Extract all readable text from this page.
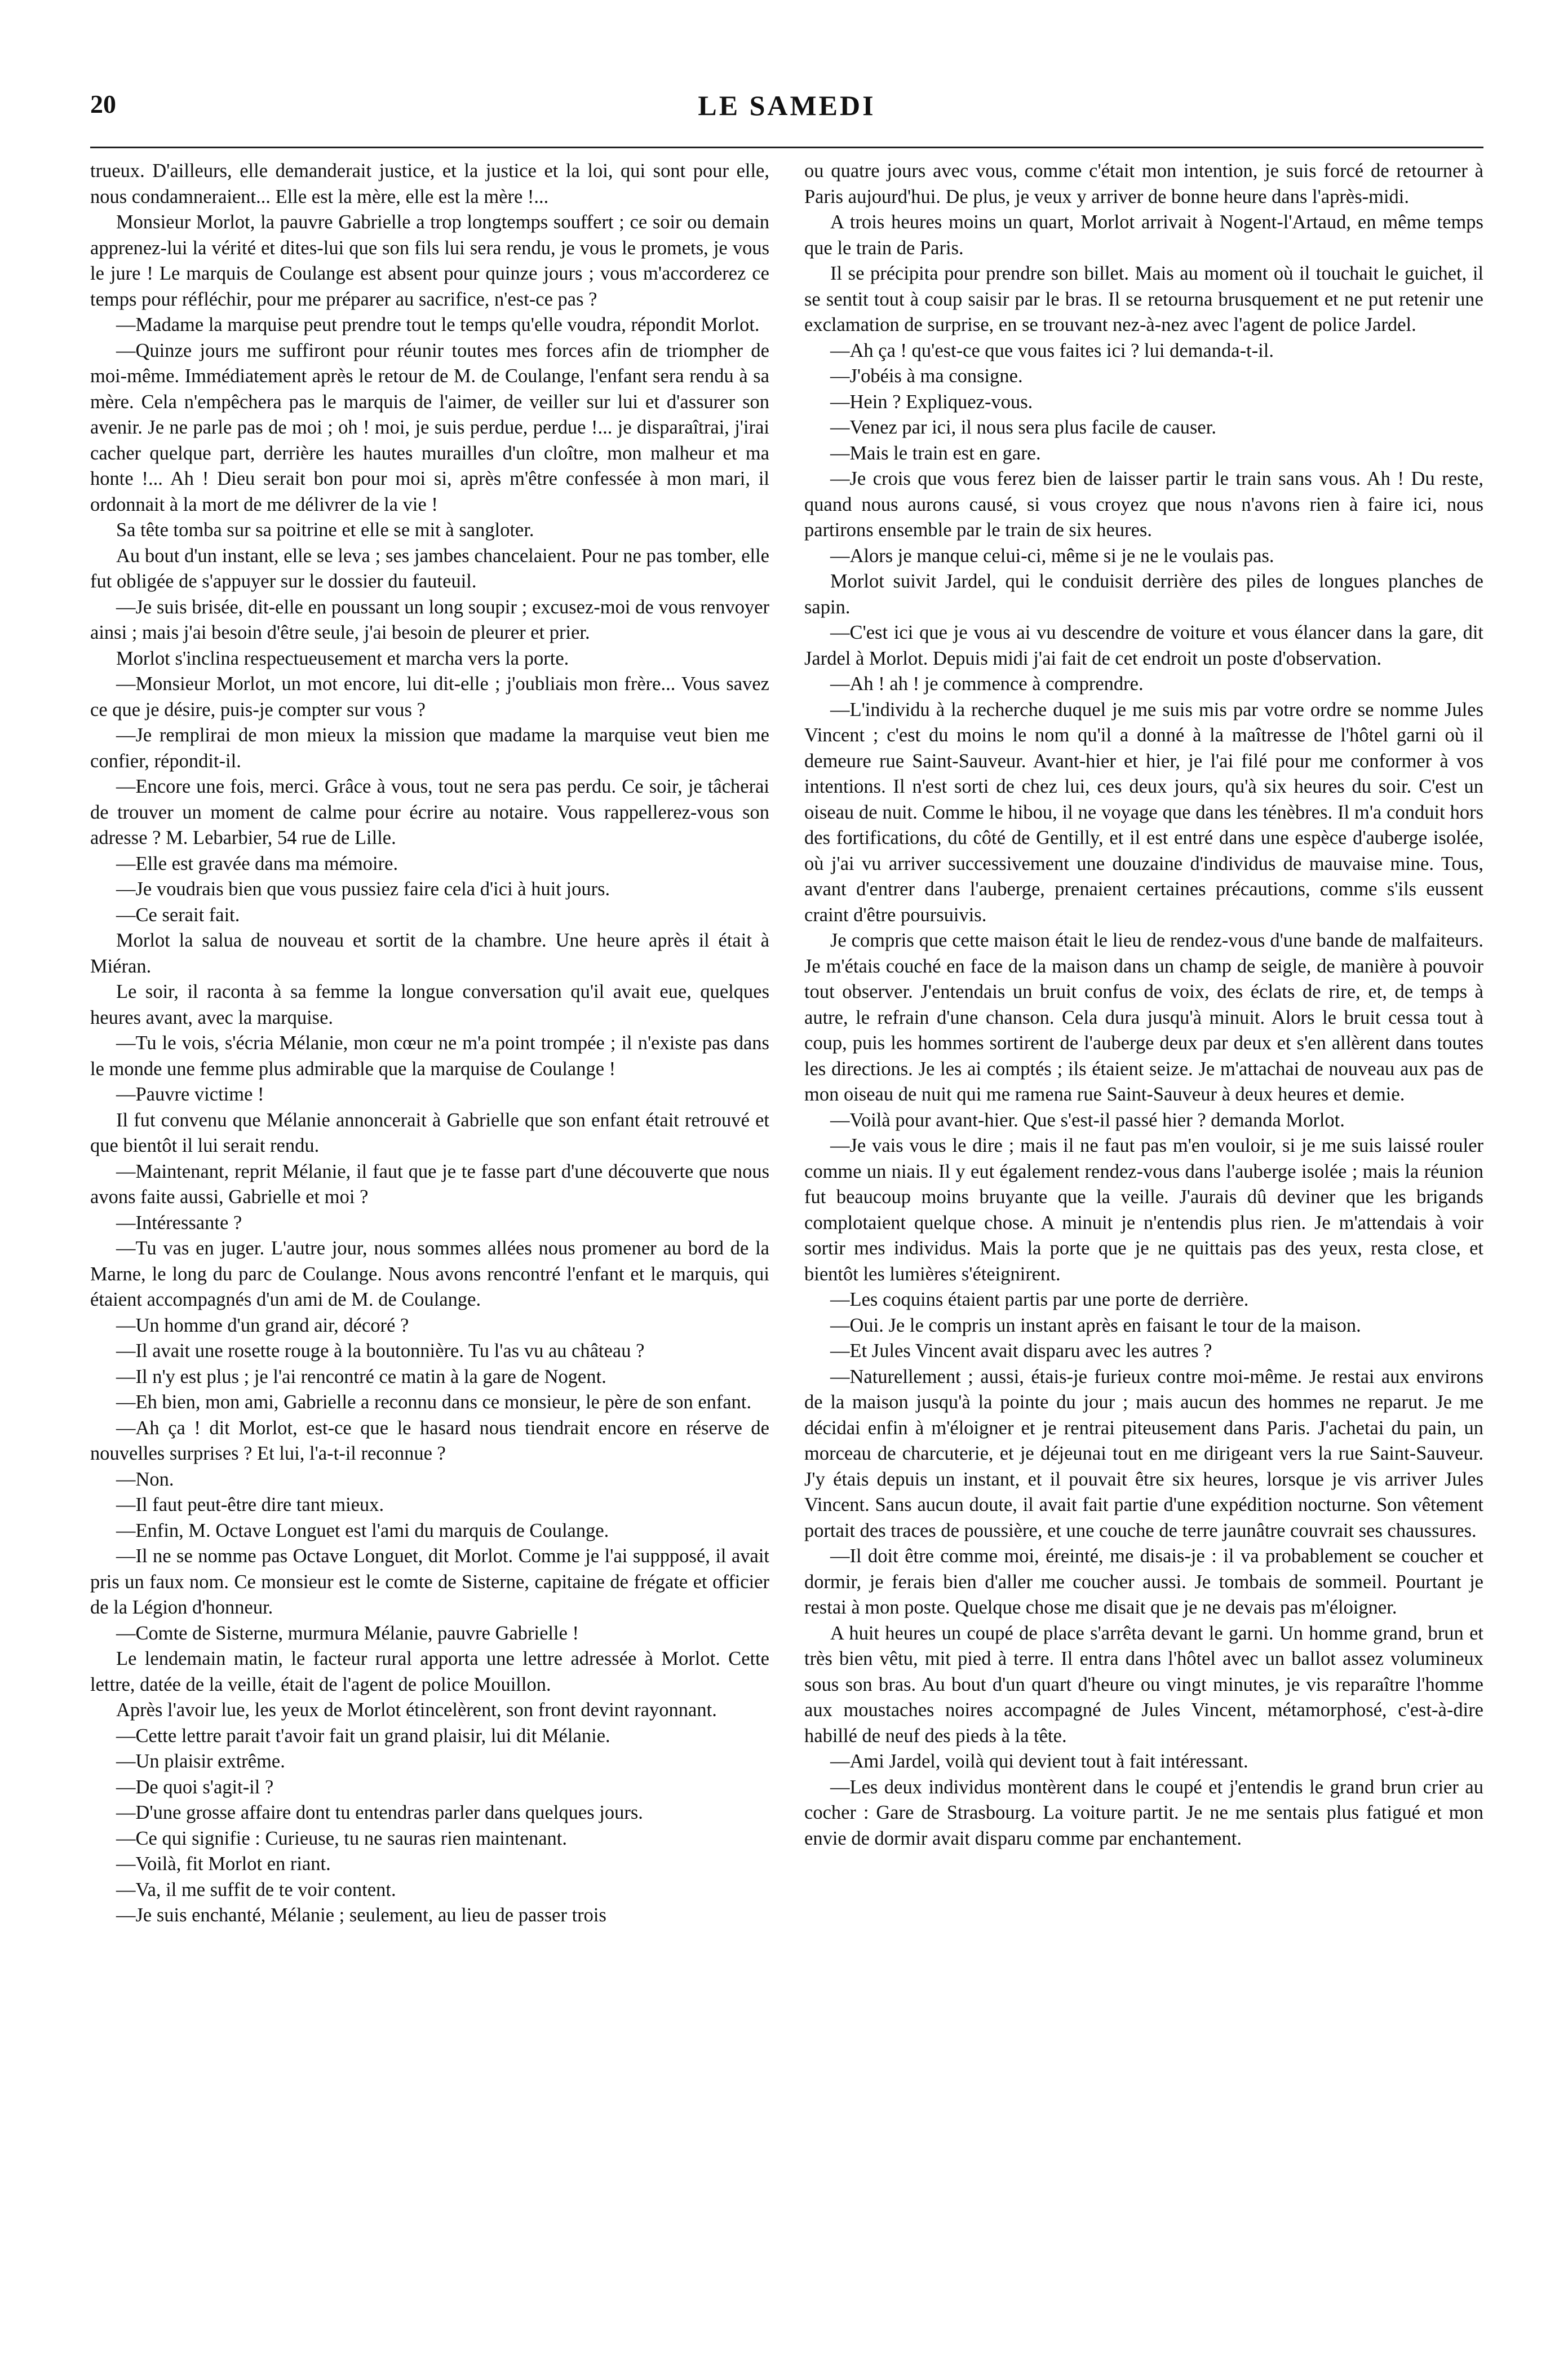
20	LE SAMEDI

trueux. D'ailleurs, elle demanderait justice, et la justice et la loi, qui sont pour elle, nous condamneraient... Elle est la mère, elle est la mère !...

Monsieur Morlot, la pauvre Gabrielle a trop longtemps souffert ; ce soir ou demain apprenez-lui la vérité et dites-lui que son fils lui sera rendu, je vous le promets, je vous le jure ! Le marquis de Coulange est absent pour quinze jours ; vous m'accorderez ce temps pour réfléchir, pour me préparer au sacrifice, n'est-ce pas ?

—Madame la marquise peut prendre tout le temps qu'elle voudra, répondit Morlot.

—Quinze jours me suffiront pour réunir toutes mes forces afin de triompher de moi-même. Immédiatement après le retour de M. de Coulange, l'enfant sera rendu à sa mère. Cela n'empêchera pas le marquis de l'aimer, de veiller sur lui et d'assurer son avenir. Je ne parle pas de moi ; oh ! moi, je suis perdue, perdue !... je disparaîtrai, j'irai cacher quelque part, derrière les hautes murailles d'un cloître, mon malheur et ma honte !... Ah ! Dieu serait bon pour moi si, après m'être confessée à mon mari, il ordonnait à la mort de me délivrer de la vie !

Sa tête tomba sur sa poitrine et elle se mit à sangloter.

Au bout d'un instant, elle se leva ; ses jambes chancelaient. Pour ne pas tomber, elle fut obligée de s'appuyer sur le dossier du fauteuil.

—Je suis brisée, dit-elle en poussant un long soupir ; excusez-moi de vous renvoyer ainsi ; mais j'ai besoin d'être seule, j'ai besoin de pleurer et prier.

Morlot s'inclina respectueusement et marcha vers la porte.

—Monsieur Morlot, un mot encore, lui dit-elle ; j'oubliais mon frère... Vous savez ce que je désire, puis-je compter sur vous ?

—Je remplirai de mon mieux la mission que madame la marquise veut bien me confier, répondit-il.

—Encore une fois, merci. Grâce à vous, tout ne sera pas perdu. Ce soir, je tâcherai de trouver un moment de calme pour écrire au notaire. Vous rappellerez-vous son adresse ? M. Lebarbier, 54 rue de Lille.

—Elle est gravée dans ma mémoire.

—Je voudrais bien que vous pussiez faire cela d'ici à huit jours.

—Ce serait fait.

Morlot la salua de nouveau et sortit de la chambre. Une heure après il était à Miéran.

Le soir, il raconta à sa femme la longue conversation qu'il avait eue, quelques heures avant, avec la marquise.

—Tu le vois, s'écria Mélanie, mon cœur ne m'a point trompée ; il n'existe pas dans le monde une femme plus admirable que la marquise de Coulange !

—Pauvre victime !

Il fut convenu que Mélanie annoncerait à Gabrielle que son enfant était retrouvé et que bientôt il lui serait rendu.

—Maintenant, reprit Mélanie, il faut que je te fasse part d'une découverte que nous avons faite aussi, Gabrielle et moi ?

—Intéressante ?

—Tu vas en juger. L'autre jour, nous sommes allées nous promener au bord de la Marne, le long du parc de Coulange. Nous avons rencontré l'enfant et le marquis, qui étaient accompagnés d'un ami de M. de Coulange.

—Un homme d'un grand air, décoré ?

—Il avait une rosette rouge à la boutonnière. Tu l'as vu au château ?

—Il n'y est plus ; je l'ai rencontré ce matin à la gare de Nogent.

—Eh bien, mon ami, Gabrielle a reconnu dans ce monsieur, le père de son enfant.

—Ah ça ! dit Morlot, est-ce que le hasard nous tiendrait encore en réserve de nouvelles surprises ? Et lui, l'a-t-il reconnue ?

—Non.

—Il faut peut-être dire tant mieux.

—Enfin, M. Octave Longuet est l'ami du marquis de Coulange.

—Il ne se nomme pas Octave Longuet, dit Morlot. Comme je l'ai suppposé, il avait pris un faux nom. Ce monsieur est le comte de Sisterne, capitaine de frégate et officier de la Légion d'honneur.

—Comte de Sisterne, murmura Mélanie, pauvre Gabrielle !

Le lendemain matin, le facteur rural apporta une lettre adressée à Morlot. Cette lettre, datée de la veille, était de l'agent de police Mouillon.

Après l'avoir lue, les yeux de Morlot étincelèrent, son front devint rayonnant.

—Cette lettre parait t'avoir fait un grand plaisir, lui dit Mélanie.

—Un plaisir extrême.

—De quoi s'agit-il ?

—D'une grosse affaire dont tu entendras parler dans quelques jours.

—Ce qui signifie : Curieuse, tu ne sauras rien maintenant.

—Voilà, fit Morlot en riant.

—Va, il me suffit de te voir content.

—Je suis enchanté, Mélanie ; seulement, au lieu de passer trois

ou quatre jours avec vous, comme c'était mon intention, je suis forcé de retourner à Paris aujourd'hui. De plus, je veux y arriver de bonne heure dans l'après-midi.

A trois heures moins un quart, Morlot arrivait à Nogent-l'Artaud, en même temps que le train de Paris.

Il se précipita pour prendre son billet. Mais au moment où il touchait le guichet, il se sentit tout à coup saisir par le bras. Il se retourna brusquement et ne put retenir une exclamation de surprise, en se trouvant nez-à-nez avec l'agent de police Jardel.

—Ah ça ! qu'est-ce que vous faites ici ? lui demanda-t-il.

—J'obéis à ma consigne.

—Hein ? Expliquez-vous.

—Venez par ici, il nous sera plus facile de causer.

—Mais le train est en gare.

—Je crois que vous ferez bien de laisser partir le train sans vous. Ah ! Du reste, quand nous aurons causé, si vous croyez que nous n'avons rien à faire ici, nous partirons ensemble par le train de six heures.

—Alors je manque celui-ci, même si je ne le voulais pas.

Morlot suivit Jardel, qui le conduisit derrière des piles de longues planches de sapin.

—C'est ici que je vous ai vu descendre de voiture et vous élancer dans la gare, dit Jardel à Morlot. Depuis midi j'ai fait de cet endroit un poste d'observation.

—Ah ! ah ! je commence à comprendre.

—L'individu à la recherche duquel je me suis mis par votre ordre se nomme Jules Vincent ; c'est du moins le nom qu'il a donné à la maîtresse de l'hôtel garni où il demeure rue Saint-Sauveur. Avant-hier et hier, je l'ai filé pour me conformer à vos intentions. Il n'est sorti de chez lui, ces deux jours, qu'à six heures du soir. C'est un oiseau de nuit. Comme le hibou, il ne voyage que dans les ténèbres. Il m'a conduit hors des fortifications, du côté de Gentilly, et il est entré dans une espèce d'auberge isolée, où j'ai vu arriver successivement une douzaine d'individus de mauvaise mine. Tous, avant d'entrer dans l'auberge, prenaient certaines précautions, comme s'ils eussent craint d'être poursuivis.

Je compris que cette maison était le lieu de rendez-vous d'une bande de malfaiteurs. Je m'étais couché en face de la maison dans un champ de seigle, de manière à pouvoir tout observer. J'entendais un bruit confus de voix, des éclats de rire, et, de temps à autre, le refrain d'une chanson. Cela dura jusqu'à minuit. Alors le bruit cessa tout à coup, puis les hommes sortirent de l'auberge deux par deux et s'en allèrent dans toutes les directions. Je les ai comptés ; ils étaient seize. Je m'attachai de nouveau aux pas de mon oiseau de nuit qui me ramena rue Saint-Sauveur à deux heures et demie.

—Voilà pour avant-hier. Que s'est-il passé hier ? demanda Morlot.

—Je vais vous le dire ; mais il ne faut pas m'en vouloir, si je me suis laissé rouler comme un niais. Il y eut également rendez-vous dans l'auberge isolée ; mais la réunion fut beaucoup moins bruyante que la veille. J'aurais dû deviner que les brigands complotaient quelque chose. A minuit je n'entendis plus rien. Je m'attendais à voir sortir mes individus. Mais la porte que je ne quittais pas des yeux, resta close, et bientôt les lumières s'éteignirent.

—Les coquins étaient partis par une porte de derrière.

—Oui. Je le compris un instant après en faisant le tour de la maison.

—Et Jules Vincent avait disparu avec les autres ?

—Naturellement ; aussi, étais-je furieux contre moi-même. Je restai aux environs de la maison jusqu'à la pointe du jour ; mais aucun des hommes ne reparut. Je me décidai enfin à m'éloigner et je rentrai piteusement dans Paris. J'achetai du pain, un morceau de charcuterie, et je déjeunai tout en me dirigeant vers la rue Saint-Sauveur. J'y étais depuis un instant, et il pouvait être six heures, lorsque je vis arriver Jules Vincent. Sans aucun doute, il avait fait partie d'une expédition nocturne. Son vêtement portait des traces de poussière, et une couche de terre jaunâtre couvrait ses chaussures.

—Il doit être comme moi, éreinté, me disais-je : il va probablement se coucher et dormir, je ferais bien d'aller me coucher aussi. Je tombais de sommeil. Pourtant je restai à mon poste. Quelque chose me disait que je ne devais pas m'éloigner.

A huit heures un coupé de place s'arrêta devant le garni. Un homme grand, brun et très bien vêtu, mit pied à terre. Il entra dans l'hôtel avec un ballot assez volumineux sous son bras. Au bout d'un quart d'heure ou vingt minutes, je vis reparaître l'homme aux moustaches noires accompagné de Jules Vincent, métamorphosé, c'est-à-dire habillé de neuf des pieds à la tête.

—Ami Jardel, voilà qui devient tout à fait intéressant.

—Les deux individus montèrent dans le coupé et j'entendis le grand brun crier au cocher : Gare de Strasbourg. La voiture partit. Je ne me sentais plus fatigué et mon envie de dormir avait disparu comme par enchantement.
